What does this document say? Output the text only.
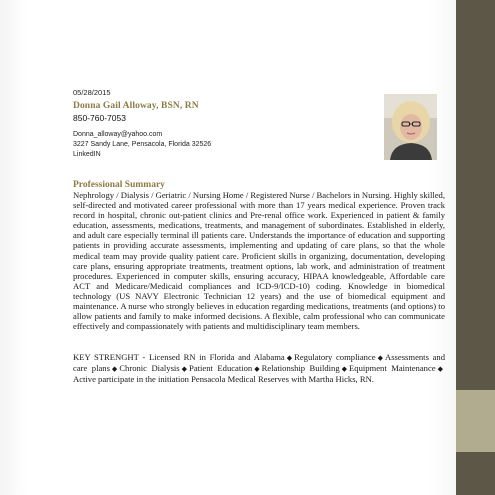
05/28/2015
Donna Gail Alloway, BSN, RN
850-760-7053
Donna_alloway@yahoo.com
3227 Sandy Lane, Pensacola, Florida 32526
LinkedIN
Professional Summary

Nephrology / Dialysis / Geriatric / Nursing Home / Registered Nurse / Bachelors in Nursing. Highly skilled, self-directed and motivated career professional with more than 17 years medical experience. Proven track record in hospital, chronic out-patient clinics and Pre-renal office work. Experienced in patient & family education, assessments, medications, treatments, and management of subordinates. Established in elderly, and adult care especially terminal ill patients care. Understands the importance of education and supporting patients in providing accurate assessments, implementing and updating of care plans, so that the whole medical team may provide quality patient care. Proficient skills in organizing, documentation, developing care plans, ensuring appropriate treatments, treatment options, lab work, and administration of treatment procedures. Experienced in computer skills, ensuring accuracy, HIPAA knowledgeable, Affordable care ACT and Medicare/Medicaid compliances and ICD-9/ICD-10) coding. Knowledge in biomedical technology (US NAVY Electronic Technician 12 years) and the use of biomedical equipment and maintenance. A nurse who strongly believes in education regarding medications, treatments (and options) to allow patients and family to make informed decisions. A flexible, calm professional who can communicate effectively and compassionately with patients and multidisciplinary team members.

KEY STRENGHT - Licensed RN in Florida and Alabama ◆ Regulatory compliance ◆ Assessments and care plans ◆ Chronic Dialysis ◆ Patient Education ◆ Relationship Building ◆ Equipment Maintenance ◆Active participate in the initiation Pensacola Medical Reserves with Martha Hicks, RN.
